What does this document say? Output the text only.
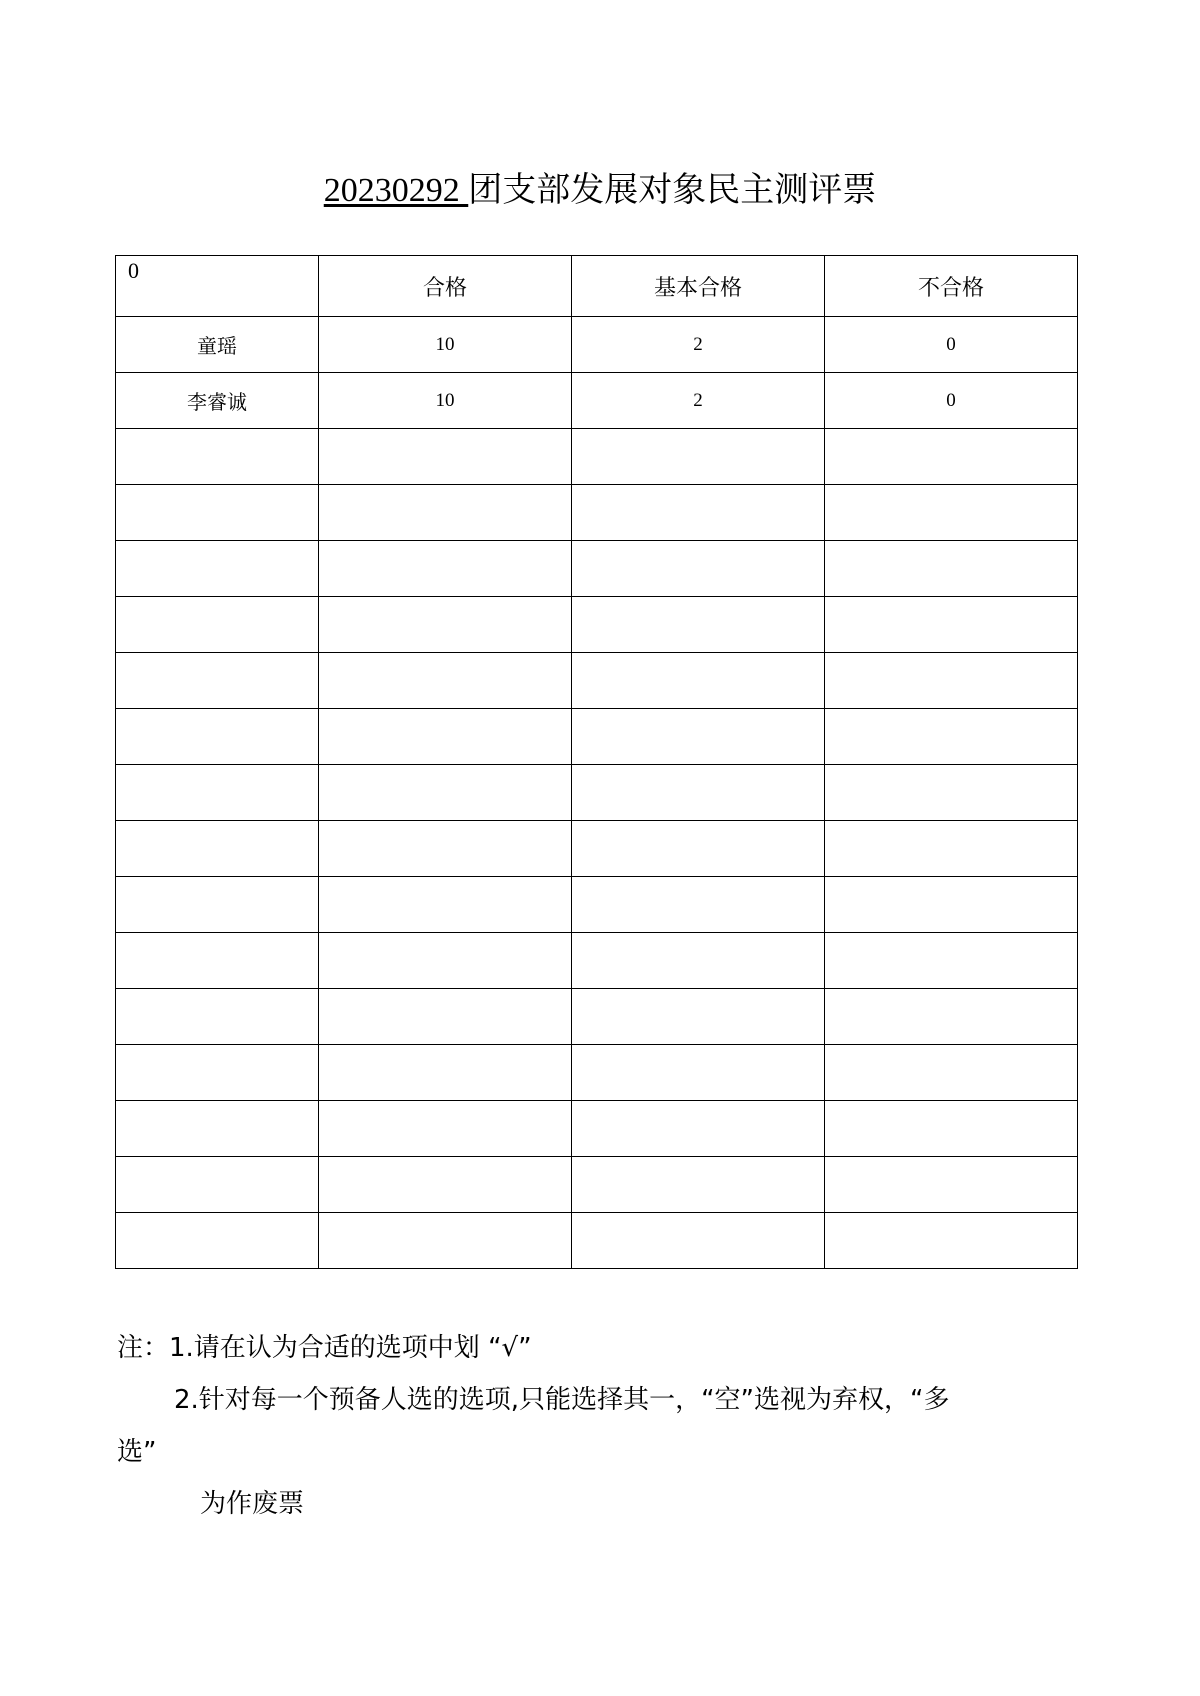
20230292 团支部发展对象民主测评票
0	合格	基本合格	不合格
童瑶	10	2	0
李睿诚	10	2	0

注：1.请在认为合适的选项中划 “√”
2.针对每一个预备人选的选项,只能选择其一，“空”选视为弃权，“多
选”
为作废票
